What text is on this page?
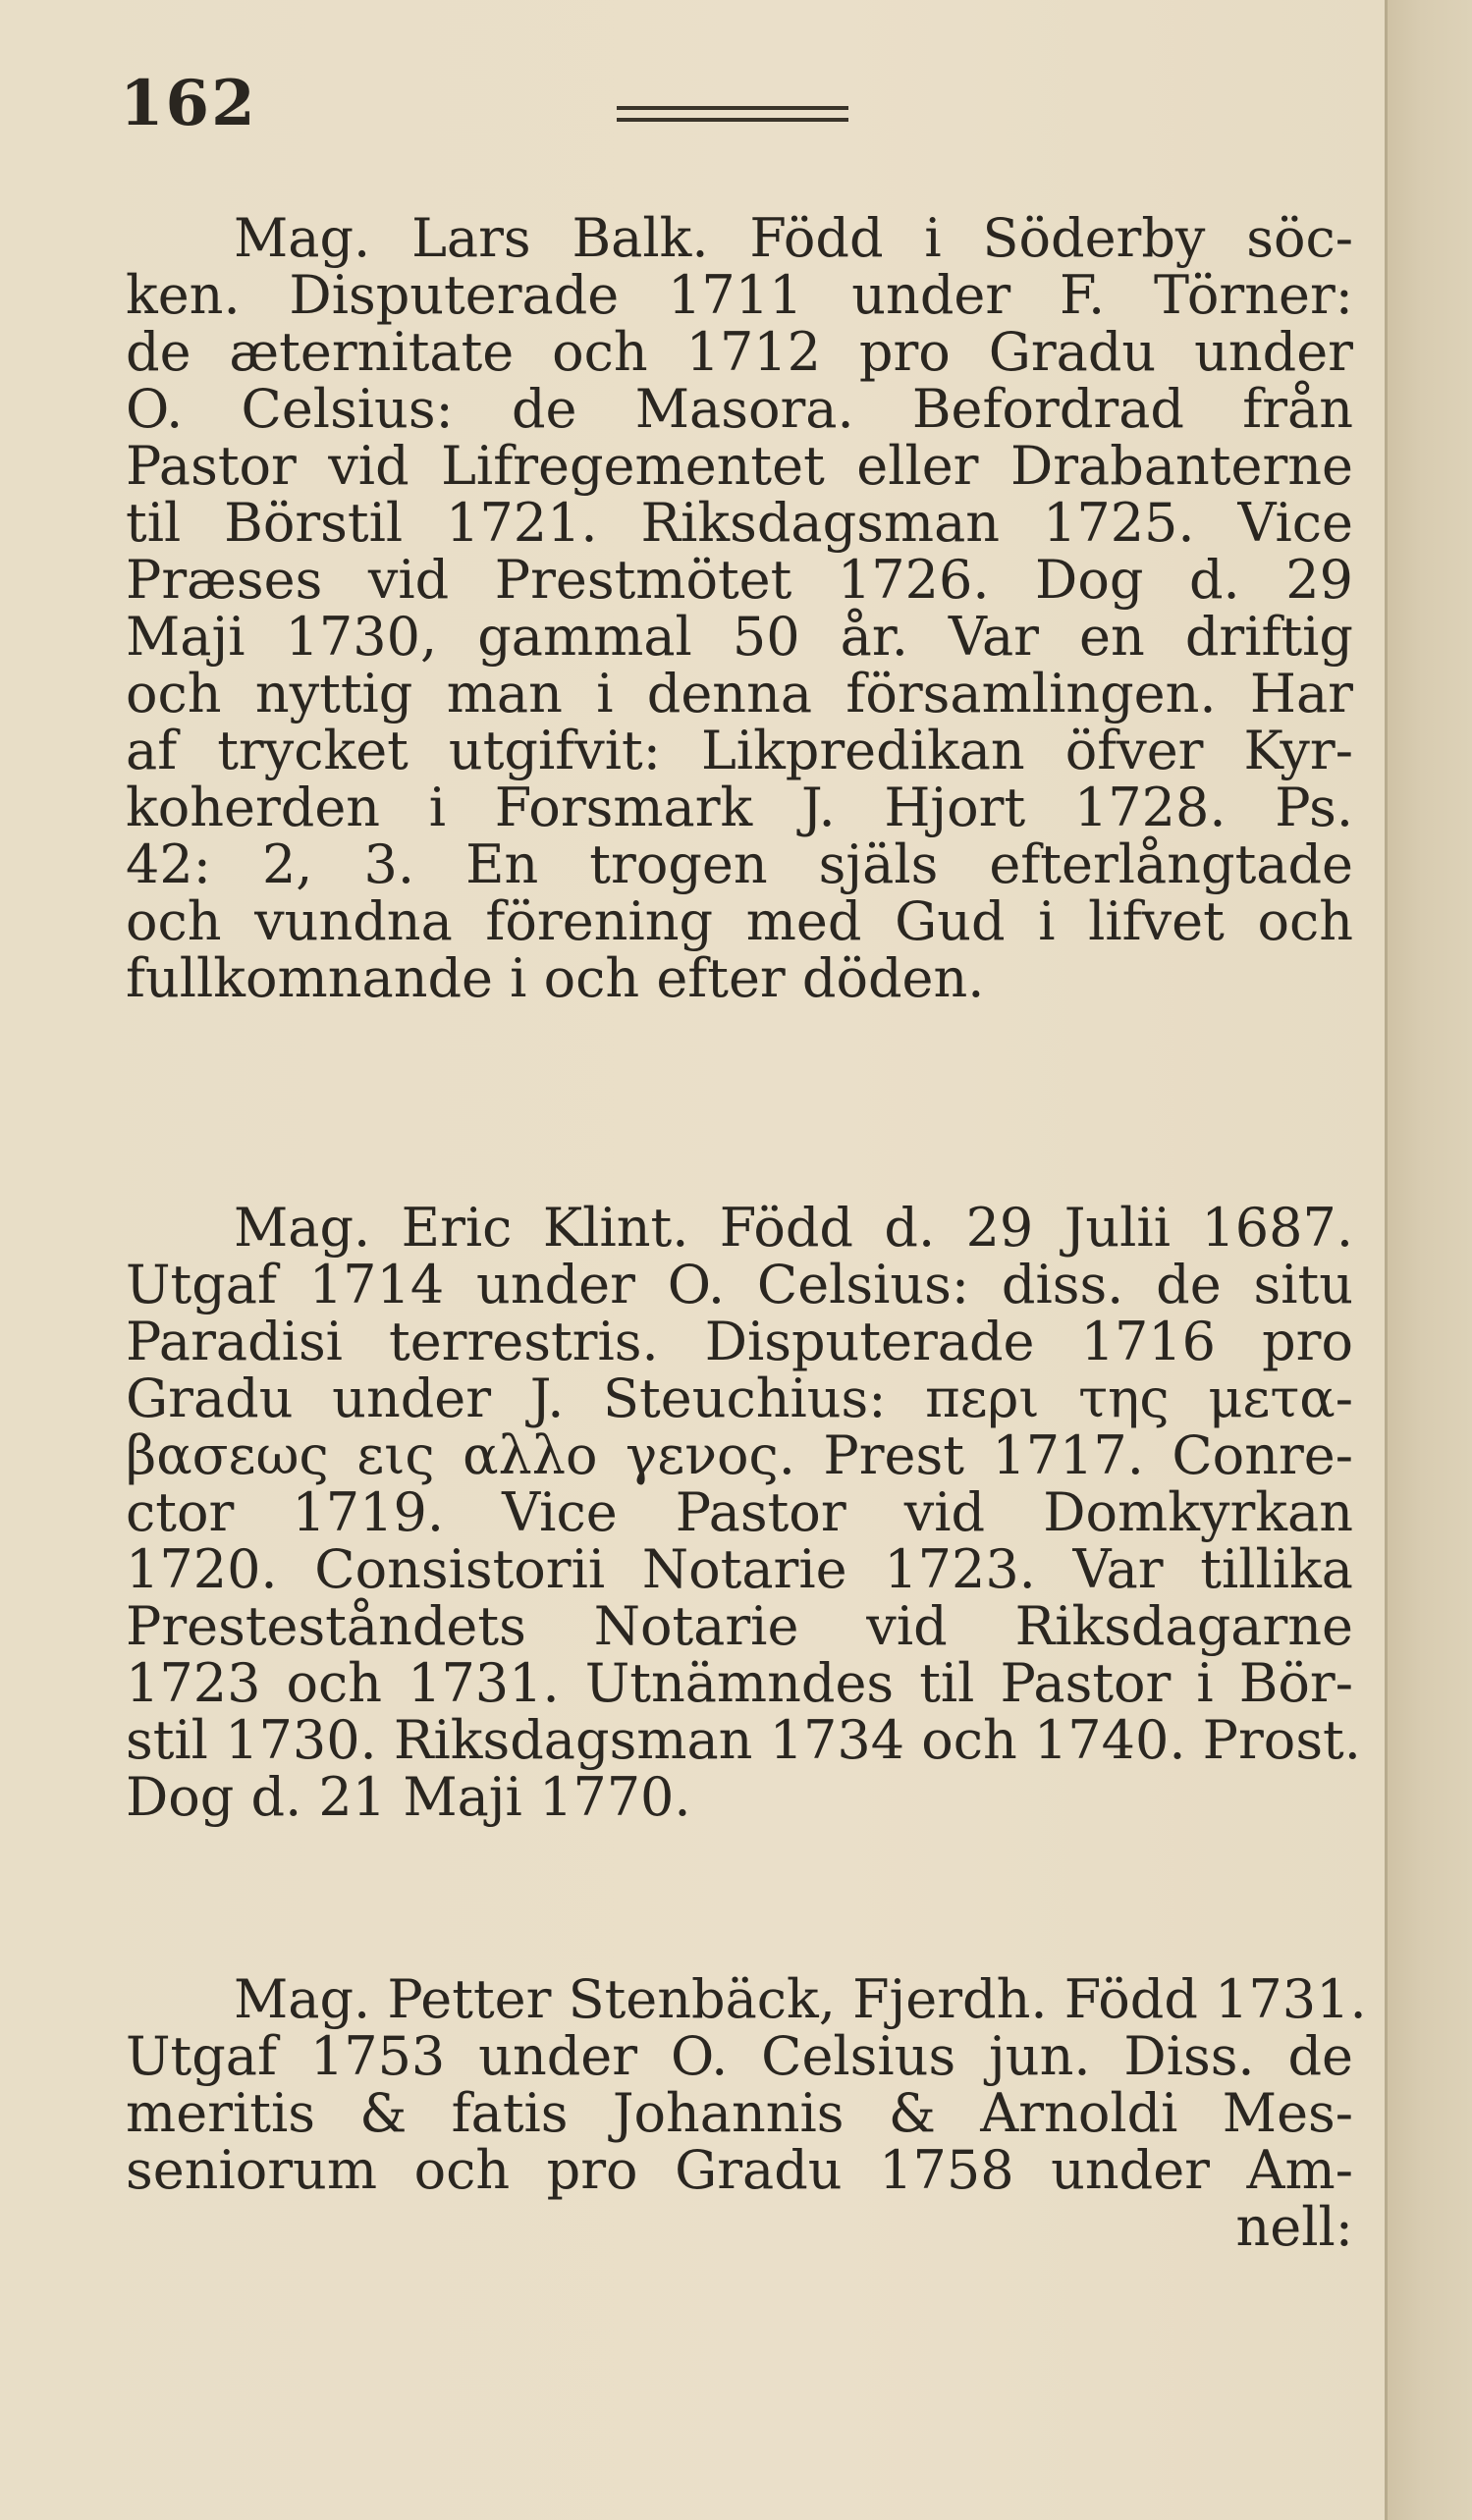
162
Mag. Lars Balk. Född i Söderby söc-
ken. Disputerade 1711 under F. Törner:
de æternitate och 1712 pro Gradu under
O. Celsius: de Masora. Befordrad från
Pastor vid Lifregementet eller Drabanterne
til Börstil 1721. Riksdagsman 1725. Vice
Præses vid Prestmötet 1726. Dog d. 29
Maji 1730, gammal 50 år. Var en driftig
och nyttig man i denna församlingen. Har
af trycket utgifvit: Likpredikan öfver Kyr-
koherden i Forsmark J. Hjort 1728. Ps.
42: 2, 3. En trogen själs efterlångtade
och vundna förening med Gud i lifvet och
fullkomnande i och efter döden.
Mag. Eric Klint. Född d. 29 Julii 1687.
Utgaf 1714 under O. Celsius: diss. de situ
Paradisi terrestris. Disputerade 1716 pro
Gradu under J. Steuchius: περι της μετα-
βασεως εις αλλο γενος. Prest 1717. Conre-
ctor 1719. Vice Pastor vid Domkyrkan
1720. Consistorii Notarie 1723. Var tillika
Presteståndets Notarie vid Riksdagarne
1723 och 1731. Utnämndes til Pastor i Bör-
stil 1730. Riksdagsman 1734 och 1740. Prost.
Dog d. 21 Maji 1770.
Mag. Petter Stenbäck, Fjerdh. Född 1731.
Utgaf 1753 under O. Celsius jun. Diss. de
meritis & fatis Johannis & Arnoldi Mes-
seniorum och pro Gradu 1758 under Am-
nell:
